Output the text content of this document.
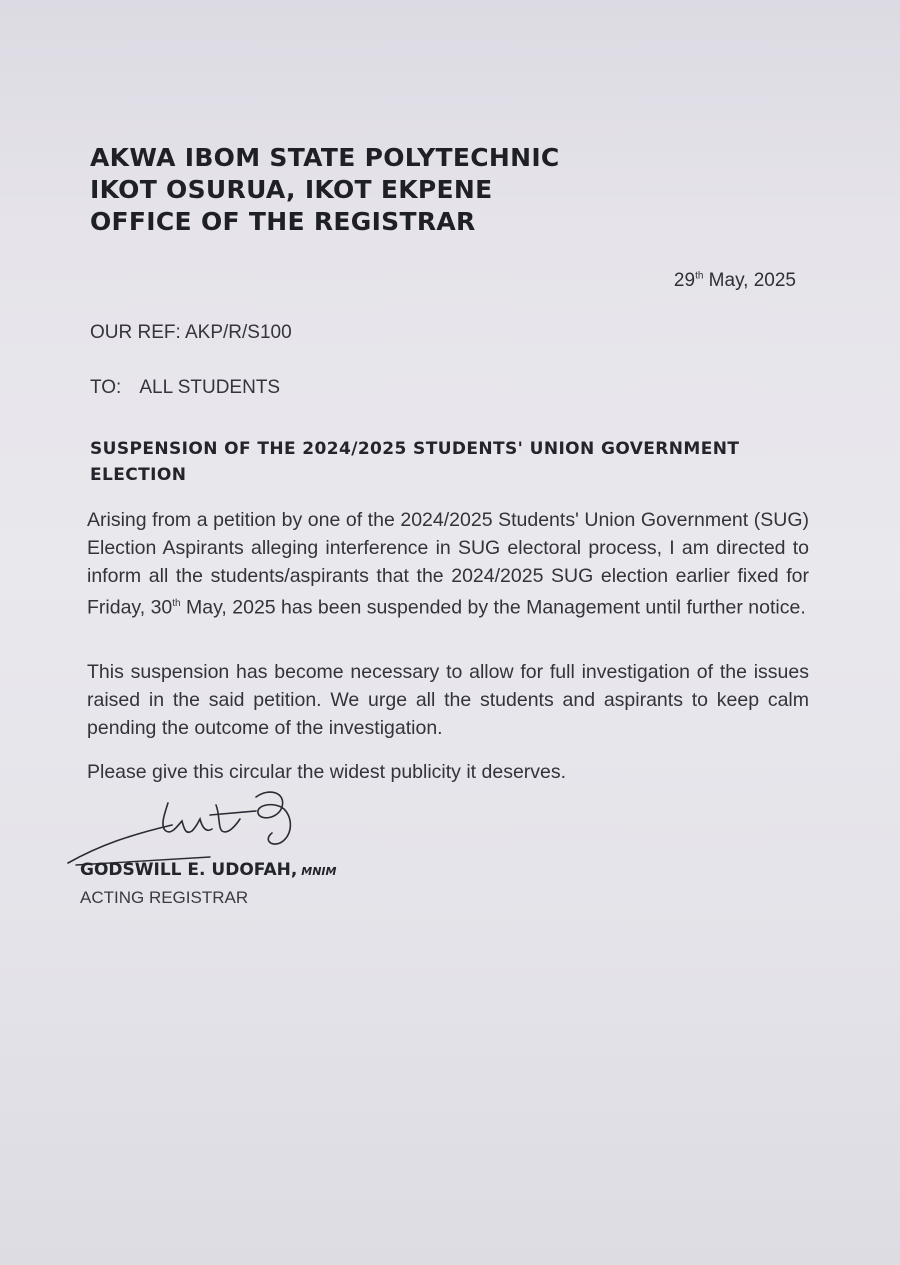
AKWA IBOM STATE POLYTECHNIC
IKOT OSURUA, IKOT EKPENE
OFFICE OF THE REGISTRAR
29th May, 2025
OUR REF: AKP/R/S100
TO: ALL STUDENTS
SUSPENSION OF THE 2024/2025 STUDENTS' UNION GOVERNMENT ELECTION
Arising from a petition by one of the 2024/2025 Students' Union Government (SUG) Election Aspirants alleging interference in SUG electoral process, I am directed to inform all the students/aspirants that the 2024/2025 SUG election earlier fixed for Friday, 30th May, 2025 has been suspended by the Management until further notice.
This suspension has become necessary to allow for full investigation of the issues raised in the said petition. We urge all the students and aspirants to keep calm pending the outcome of the investigation.
Please give this circular the widest publicity it deserves.
GODSWILL E. UDOFAH, MNIM
ACTING REGISTRAR
